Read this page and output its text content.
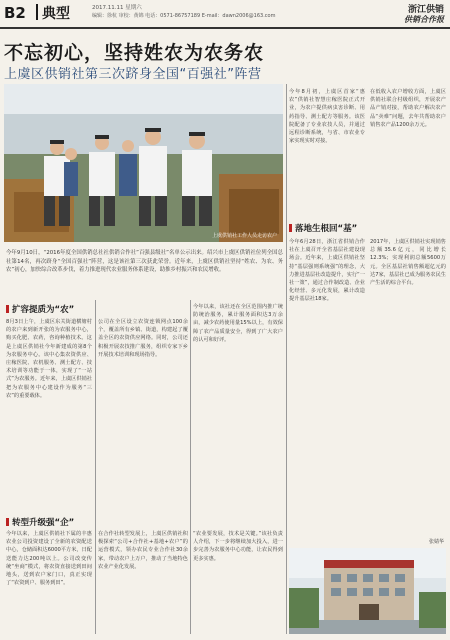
B2 典型	2017.11.11 星期六
编辑：徐杭 审校：黄锦 电话：0571-86757189 E-mail：dawn2006@163.com
浙江供销
供销合作报
不忘初心，坚持姓农为农务农
上虞区供销社第三次跻身全国“百强社”阵营
上虞供销社工作人员走访农户
今年9月10日，“2016年度全国供销总社社供销合作社”百强县级社”名单公示出来。绍兴市上虞区供销社位列全国总社第14名，再次跻身“全国百强社”阵营，这是该社第三次获此荣誉。近年来，上虞区供销社坚持“姓农、为农、务农”初心，加快综合改革步伐，着力推进现代农业服务体系建设，助推乡村振兴和农民增收。
扩容提质为“农”
8月3日上午，上虞区东关街道横塘村的农户来到新开张的为农服务中心，购买化肥、农药，咨询种植技术。这是上虞区供销社今年新建成的第8个为农服务中心。该中心集农资供应、庄稼医院、农机服务、测土配方、技术培训等功能于一体，实现了“一站式”为农服务。近年来，上虞区供销社把为农服务中心建设作为服务“三农”的重要载体。
公司在全区设立农资连锁网点100余个，覆盖所有乡镇、街道，构建起了覆盖全区的农资供应网络。同时，公司还积极开展农技推广服务，组织专家下乡开展技术培训和现场指导。
今年以来，该社还在全区范围内推广统防统治服务，累计服务面积达3万余亩，减少农药使用量15%以上，有效保障了农产品质量安全，得到了广大农户的认可和好评。
转型升级强“企”
今年以来，上虞区供销社下属的丰惠农业公司投资建设了全新的农资配送中心，仓储面积达6000平方米，日配送能力达200吨以上。公司改变传统“坐商”模式，将农资直接送到田间地头，送到农户家门口，真正实现了“农资到户、服务到田”。
在合作社转型发展上，上虞区供销社积极探索“公司+合作社+基地+农户”的运营模式，领办农民专业合作社30余家，带动农户上万户，推动了当地特色农业产业化发展。
“农业要发展，技术是关键。”该社负责人介绍，下一步将继续加大投入，进一步完善为农服务中心功能，让农民得到更多实惠。
今年8月初，上虞区首家“惠农”供销社智慧庄稼医院正式开业，为农户提供病虫害诊断、用药指导、测土配方等服务。该医院配备了专业农技人员，并通过远程诊断系统，与省、市农业专家实现实时对接。
在低收入农户增收方面，上虞区供销社联合村级组织，开展农产品产销对接，帮助农户解决农产品“卖难”问题，去年共帮助农户销售农产品1200余万元。
落地生根回“基”
今年6月28日，浙江省供销合作社在上虞召开全省基层社建设现场会。近年来，上虞区供销社坚持“基层强则系统强”的理念，大力推进基层社改造提升，实行“一社一策”，通过合作制改造、企业化经营、多元化发展，累计改造提升基层社18家。
2017年，上虞区供销社实现销售总额35.6亿元，同比增长12.3%；实现利润总额5600万元。全区基层社销售额超亿元的达7家，基层社已成为服务农民生产生活的综合平台。
张婧华
